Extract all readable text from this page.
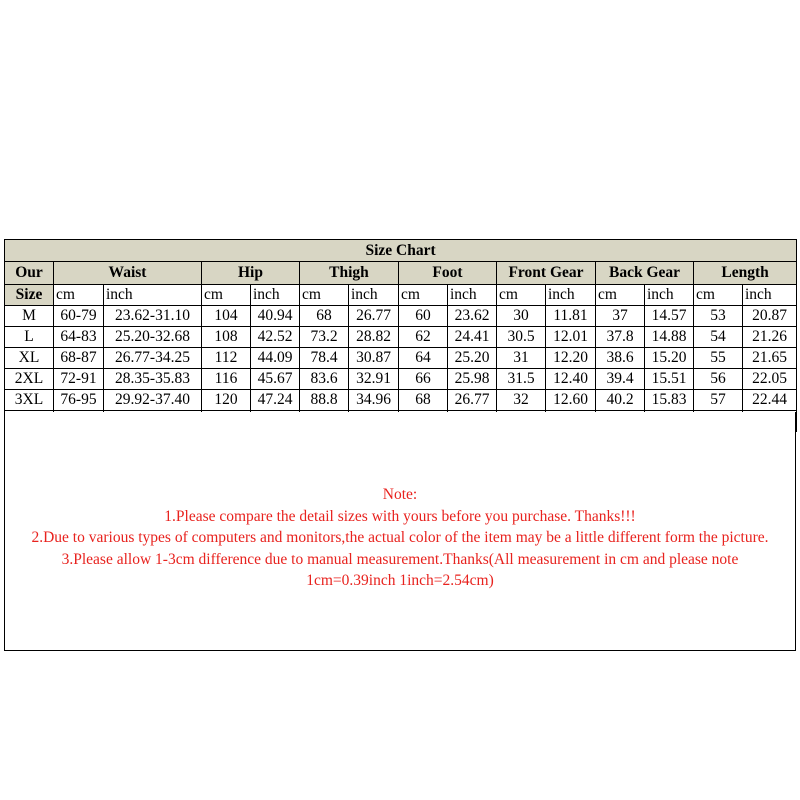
Size Chart														
Our	Waist		Hip		Thigh		Foot		Front Gear		Back Gear		Length	
Size	cm	inch	cm	inch	cm	inch	cm	inch	cm	inch	cm	inch	cm	inch
M	60-79	23.62-31.10	104	40.94	68	26.77	60	23.62	30	11.81	37	14.57	53	20.87
L	64-83	25.20-32.68	108	42.52	73.2	28.82	62	24.41	30.5	12.01	37.8	14.88	54	21.26
XL	68-87	26.77-34.25	112	44.09	78.4	30.87	64	25.20	31	12.20	38.6	15.20	55	21.65
2XL	72-91	28.35-35.83	116	45.67	83.6	32.91	66	25.98	31.5	12.40	39.4	15.51	56	22.05
3XL	76-95	29.92-37.40	120	47.24	88.8	34.96	68	26.77	32	12.60	40.2	15.83	57	22.44

Note:
1.Please compare the detail sizes with yours before you purchase. Thanks!!!
2.Due to various types of computers and monitors,the actual color of the item may be a little different form the picture.
3.Please allow 1-3cm difference due to manual measurement.Thanks(All measurement in cm and please note 1cm=0.39inch 1inch=2.54cm)
